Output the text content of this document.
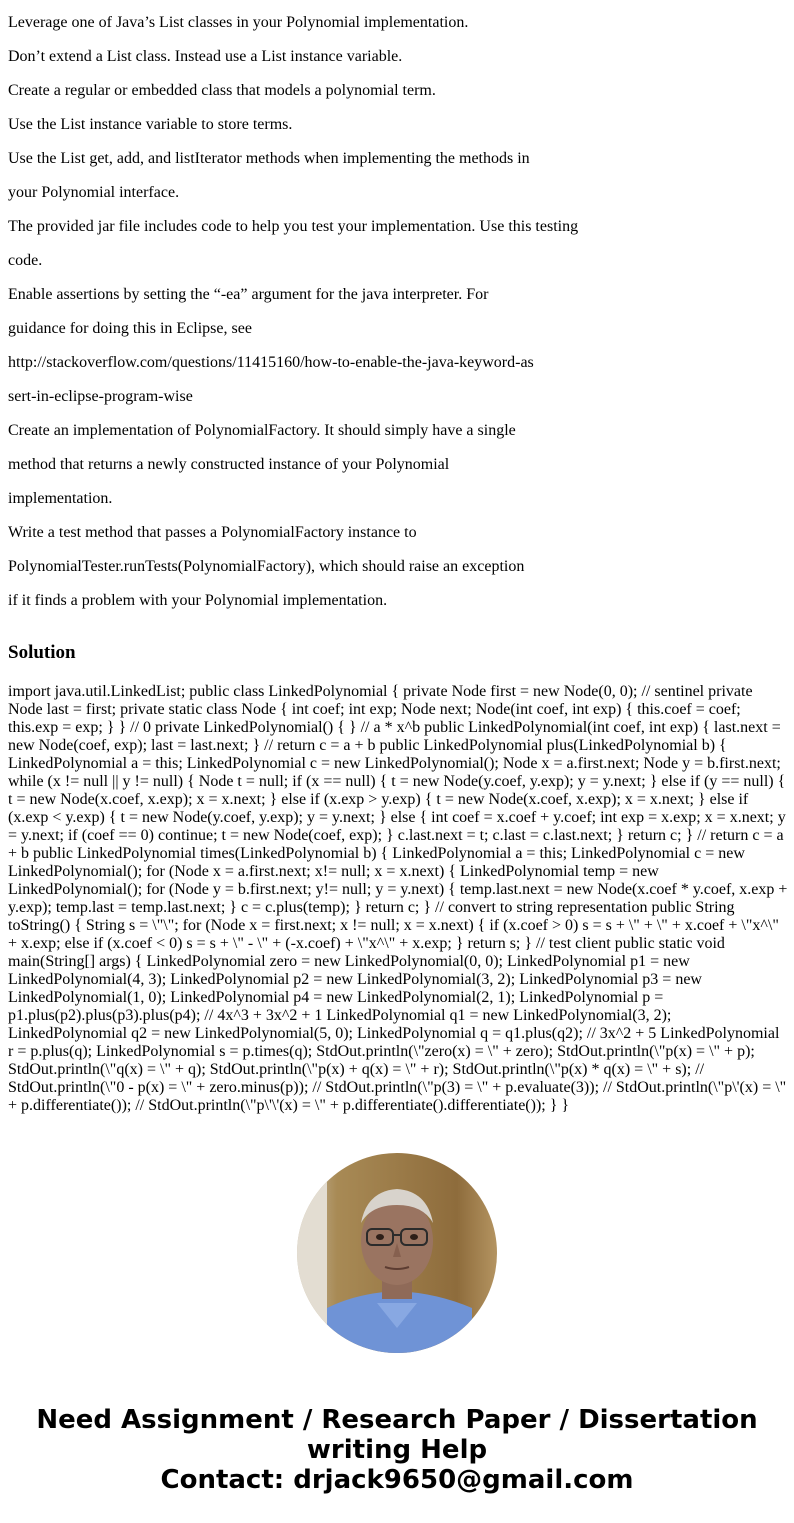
Leverage one of Java’s List classes in your Polynomial implementation.
Don’t extend a List class. Instead use a List instance variable.
Create a regular or embedded class that models a polynomial term.
Use the List instance variable to store terms.
Use the List get, add, and listIterator methods when implementing the methods in
your Polynomial interface.
The provided jar file includes code to help you test your implementation. Use this testing
code.
Enable assertions by setting the “-ea” argument for the java interpreter. For
guidance for doing this in Eclipse, see
http://stackoverflow.com/questions/11415160/how-to-enable-the-java-keyword-as
sert-in-eclipse-program-wise
Create an implementation of PolynomialFactory. It should simply have a single
method that returns a newly constructed instance of your Polynomial
implementation.
Write a test method that passes a PolynomialFactory instance to
PolynomialTester.runTests(PolynomialFactory), which should raise an exception
if it finds a problem with your Polynomial implementation.
Solution

import java.util.LinkedList; public class LinkedPolynomial { private Node first = new Node(0, 0); // sentinel private Node last = first; private static class Node { int coef; int exp; Node next; Node(int coef, int exp) { this.coef = coef; this.exp = exp; } } // 0 private LinkedPolynomial() { } // a * x^b public LinkedPolynomial(int coef, int exp) { last.next = new Node(coef, exp); last = last.next; } // return c = a + b public LinkedPolynomial plus(LinkedPolynomial b) { LinkedPolynomial a = this; LinkedPolynomial c = new LinkedPolynomial(); Node x = a.first.next; Node y = b.first.next; while (x != null || y != null) { Node t = null; if (x == null) { t = new Node(y.coef, y.exp); y = y.next; } else if (y == null) { t = new Node(x.coef, x.exp); x = x.next; } else if (x.exp > y.exp) { t = new Node(x.coef, x.exp); x = x.next; } else if (x.exp < y.exp) { t = new Node(y.coef, y.exp); y = y.next; } else { int coef = x.coef + y.coef; int exp = x.exp; x = x.next; y = y.next; if (coef == 0) continue; t = new Node(coef, exp); } c.last.next = t; c.last = c.last.next; } return c; } // return c = a + b public LinkedPolynomial times(LinkedPolynomial b) { LinkedPolynomial a = this; LinkedPolynomial c = new LinkedPolynomial(); for (Node x = a.first.next; x!= null; x = x.next) { LinkedPolynomial temp = new LinkedPolynomial(); for (Node y = b.first.next; y!= null; y = y.next) { temp.last.next = new Node(x.coef * y.coef, x.exp + y.exp); temp.last = temp.last.next; } c = c.plus(temp); } return c; } // convert to string representation public String toString() { String s = \"\"; for (Node x = first.next; x != null; x = x.next) { if (x.coef > 0) s = s + \" + \" + x.coef + \"x^\" + x.exp; else if (x.coef < 0) s = s + \" - \" + (-x.coef) + \"x^\" + x.exp; } return s; } // test client public static void main(String[] args) { LinkedPolynomial zero = new LinkedPolynomial(0, 0); LinkedPolynomial p1 = new LinkedPolynomial(4, 3); LinkedPolynomial p2 = new LinkedPolynomial(3, 2); LinkedPolynomial p3 = new LinkedPolynomial(1, 0); LinkedPolynomial p4 = new LinkedPolynomial(2, 1); LinkedPolynomial p = p1.plus(p2).plus(p3).plus(p4); // 4x^3 + 3x^2 + 1 LinkedPolynomial q1 = new LinkedPolynomial(3, 2); LinkedPolynomial q2 = new LinkedPolynomial(5, 0); LinkedPolynomial q = q1.plus(q2); // 3x^2 + 5 LinkedPolynomial r = p.plus(q); LinkedPolynomial s = p.times(q); StdOut.println(\"zero(x) = \" + zero); StdOut.println(\"p(x) = \" + p); StdOut.println(\"q(x) = \" + q); StdOut.println(\"p(x) + q(x) = \" + r); StdOut.println(\"p(x) * q(x) = \" + s); // StdOut.println(\"0 - p(x) = \" + zero.minus(p)); // StdOut.println(\"p(3) = \" + p.evaluate(3)); // StdOut.println(\"p\'(x) = \" + p.differentiate()); // StdOut.println(\"p\'\'(x) = \" + p.differentiate().differentiate()); } }

Need Assignment / Research Paper / Dissertation
writing Help
Contact: drjack9650@gmail.com
